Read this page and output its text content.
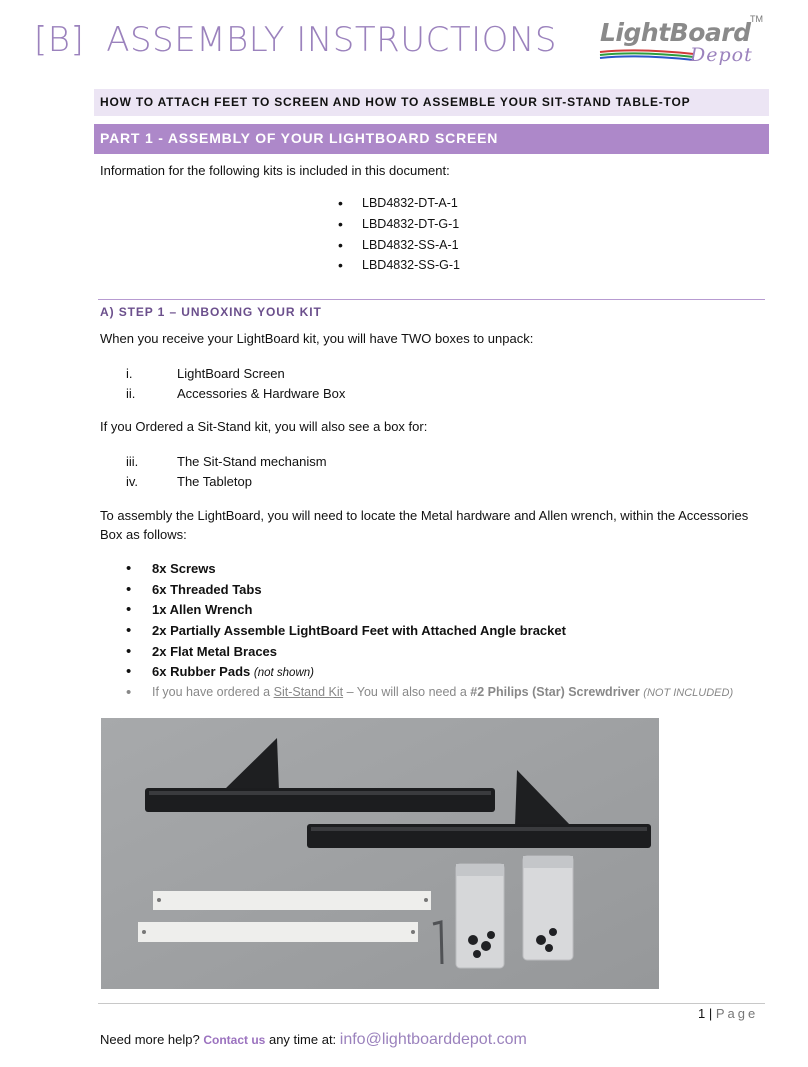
[B] ASSEMBLY INSTRUCTIONS LightBoard TM
Depot
HOW TO ATTACH FEET TO SCREEN AND HOW TO ASSEMBLE YOUR SIT-STAND TABLE-TOP
PART 1 - ASSEMBLY OF YOUR LIGHTBOARD SCREEN
Information for the following kits is included in this document:
• LBD4832-DT-A-1
• LBD4832-DT-G-1
• LBD4832-SS-A-1
• LBD4832-SS-G-1
A) STEP 1 – UNBOXING YOUR KIT
When you receive your LightBoard kit, you will have TWO boxes to unpack:
i.	LightBoard Screen
ii.	Accessories & Hardware Box
If you Ordered a Sit-Stand kit, you will also see a box for:
iii.	The Sit-Stand mechanism
iv.	The Tabletop
To assembly the LightBoard, you will need to locate the Metal hardware and Allen wrench, within the Accessories
Box as follows:
• 8x Screws
• 6x Threaded Tabs
• 1x Allen Wrench
• 2x Partially Assemble LightBoard Feet with Attached Angle bracket
• 2x Flat Metal Braces
• 6x Rubber Pads (not shown)
• If you have ordered a Sit-Stand Kit – You will also need a #2 Philips (Star) Screwdriver (NOT INCLUDED)
1 | Page
Need more help? Contact us any time at: info@lightboarddepot.com
